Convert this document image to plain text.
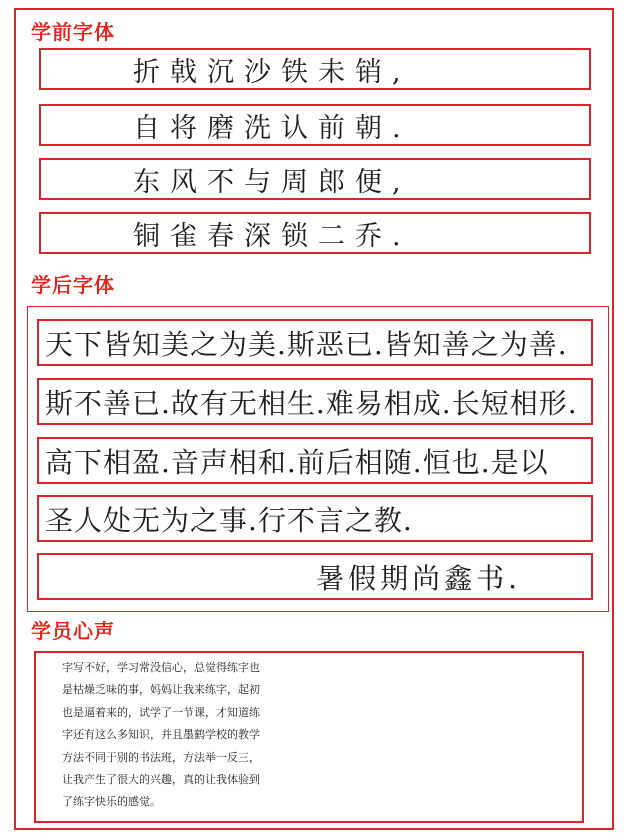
学前字体
折戟沉沙铁未销,
自将磨洗认前朝.
东风不与周郎便,
铜雀春深锁二乔.
学后字体
天下皆知美之为美.斯恶已.皆知善之为善.
斯不善已.故有无相生.难易相成.长短相形.
高下相盈.音声相和.前后相随.恒也.是以
圣人处无为之事.行不言之教.
暑假期尚鑫书.
学员心声

字写不好，学习常没信心，总觉得练字也

是枯燥乏味的事，妈妈让我来练字，起初

也是逼着来的，试学了一节课，才知道练

字还有这么多知识，并且墨鹤学校的教学

方法不同于别的书法班，方法举一反三，

让我产生了很大的兴趣，真的让我体验到

了练字快乐的感觉。
